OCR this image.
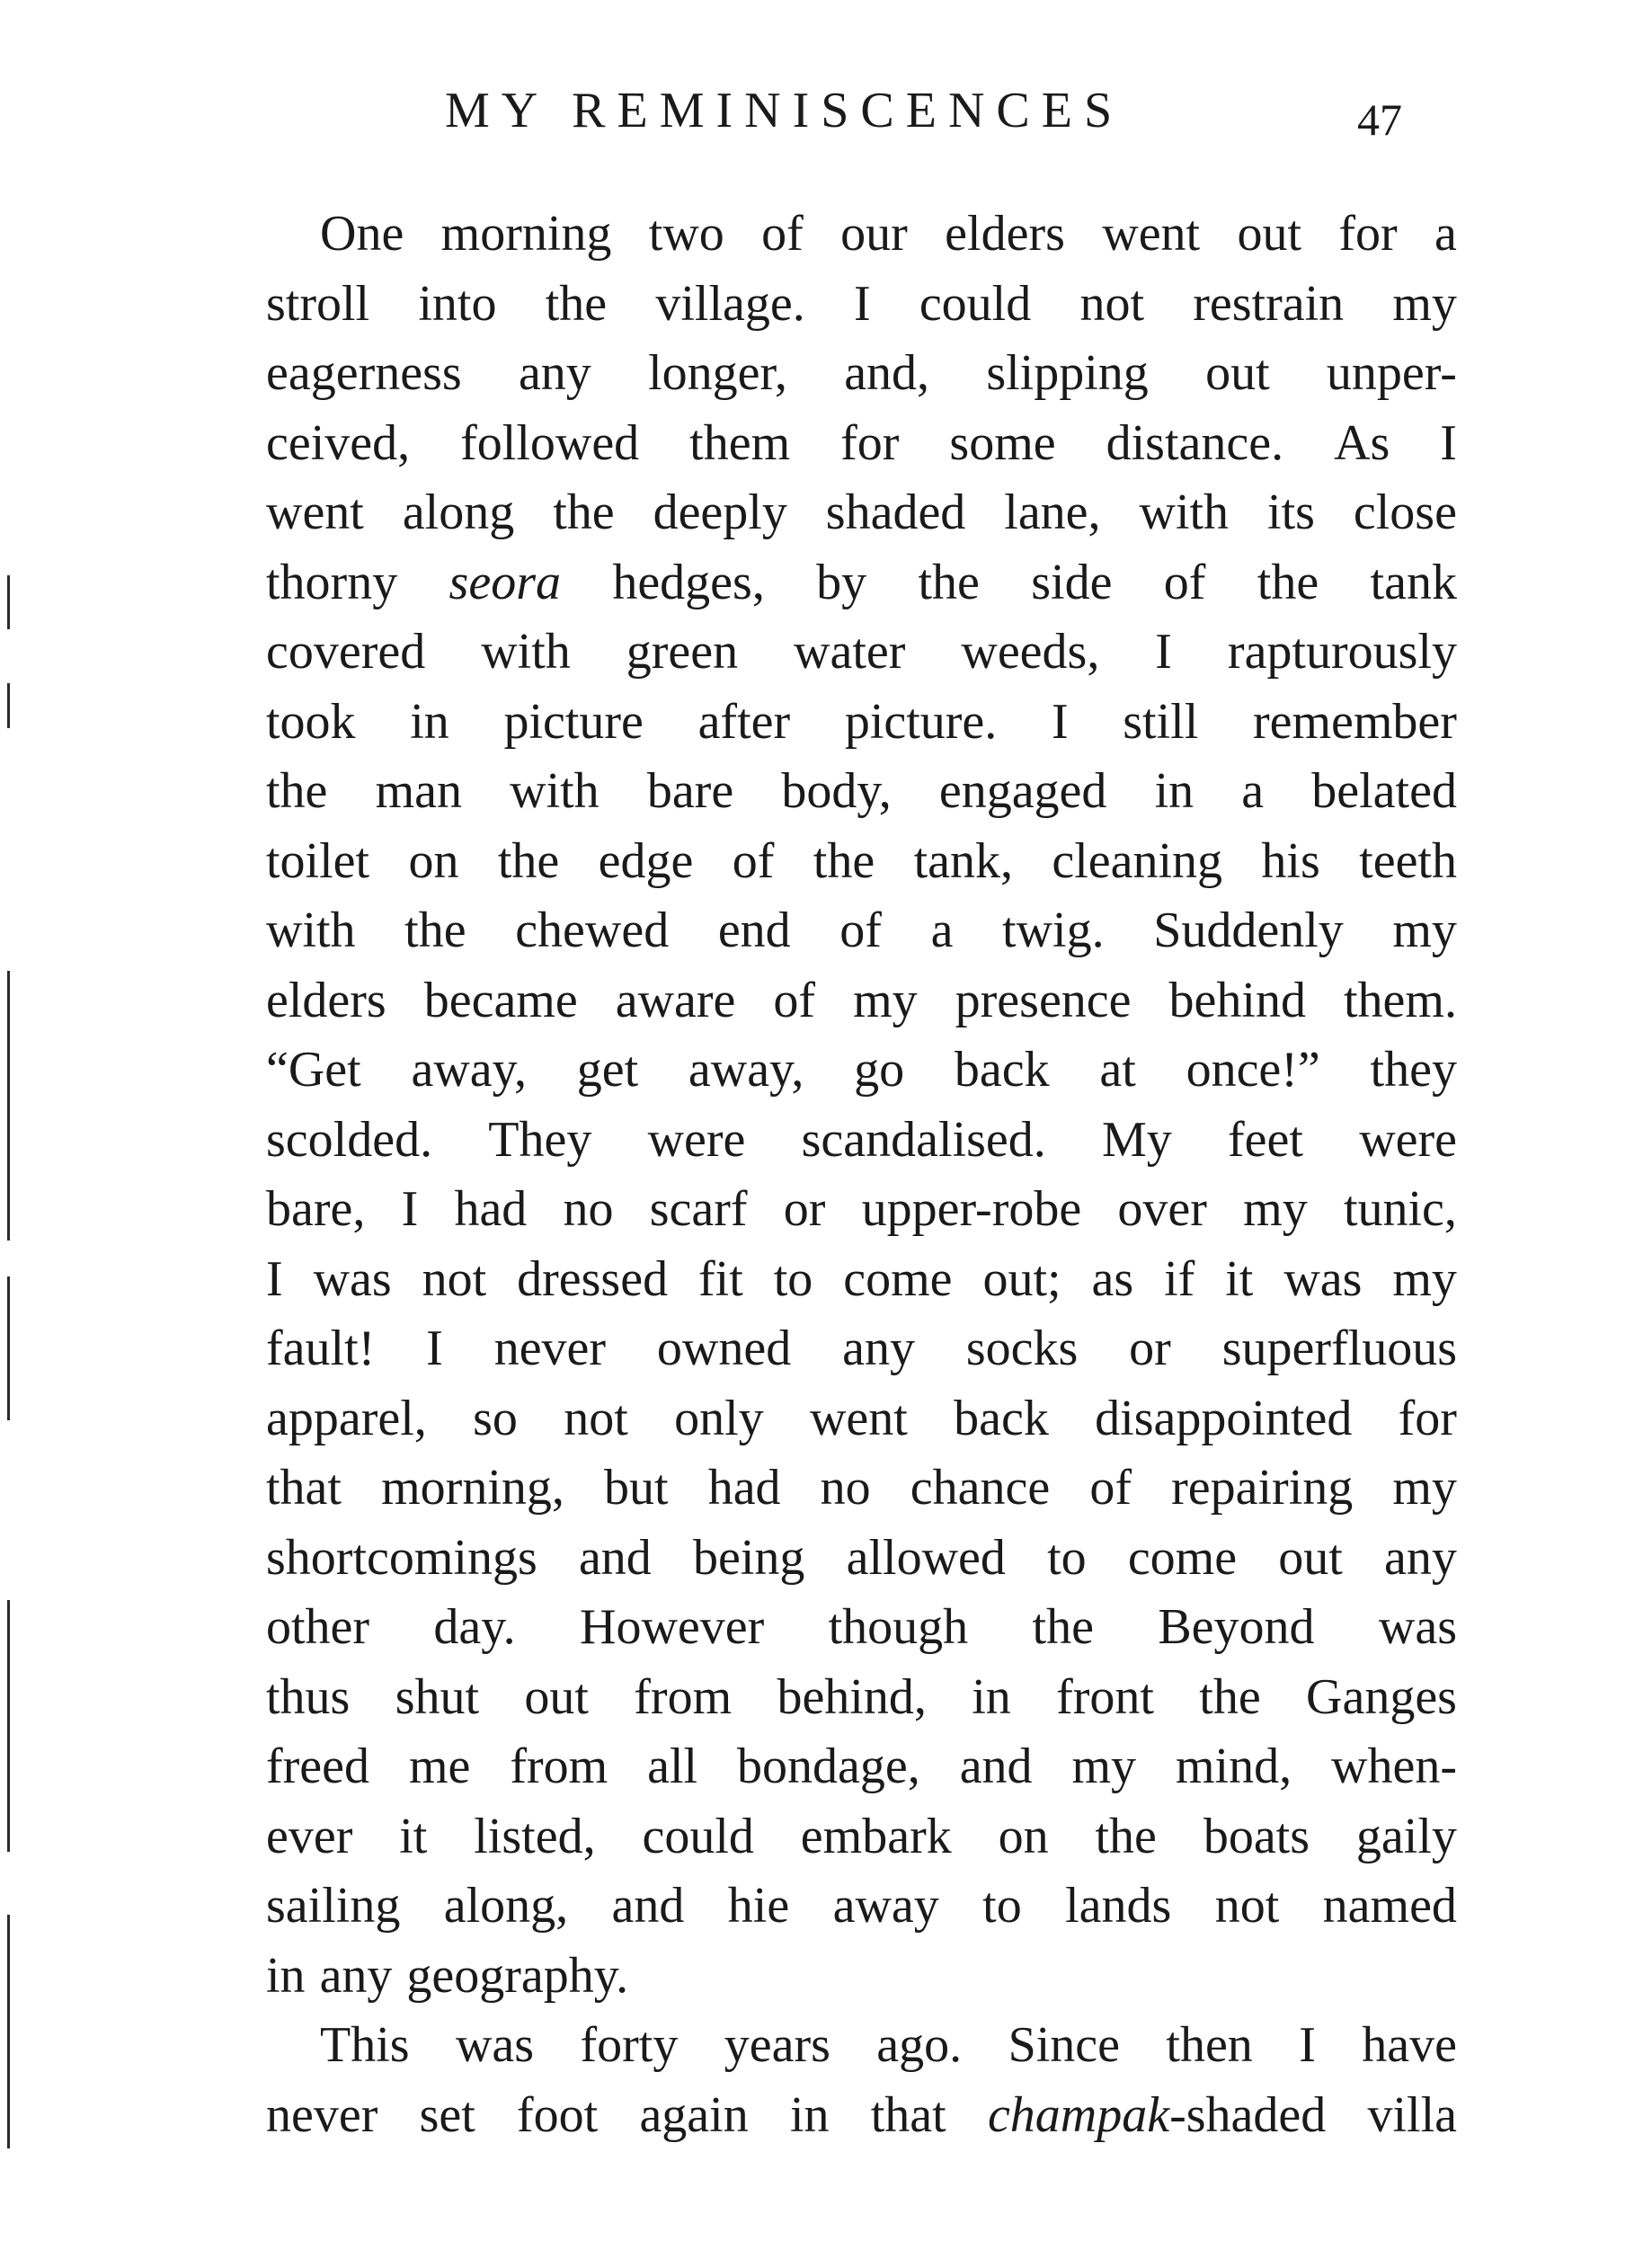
MY REMINISCENCES	47
One morning two of our elders went out for a
stroll into the village. I could not restrain my
eagerness any longer, and, slipping out unper-
ceived, followed them for some distance. As I
went along the deeply shaded lane, with its close
thorny seora hedges, by the side of the tank
covered with green water weeds, I rapturously
took in picture after picture. I still remember
the man with bare body, engaged in a belated
toilet on the edge of the tank, cleaning his teeth
with the chewed end of a twig. Suddenly my
elders became aware of my presence behind them.
“Get away, get away, go back at once!” they
scolded. They were scandalised. My feet were
bare, I had no scarf or upper-robe over my tunic,
I was not dressed fit to come out; as if it was my
fault! I never owned any socks or superfluous
apparel, so not only went back disappointed for
that morning, but had no chance of repairing my
shortcomings and being allowed to come out any
other day. However though the Beyond was
thus shut out from behind, in front the Ganges
freed me from all bondage, and my mind, when-
ever it listed, could embark on the boats gaily
sailing along, and hie away to lands not named
in any geography.
This was forty years ago. Since then I have
never set foot again in that champak-shaded villa
